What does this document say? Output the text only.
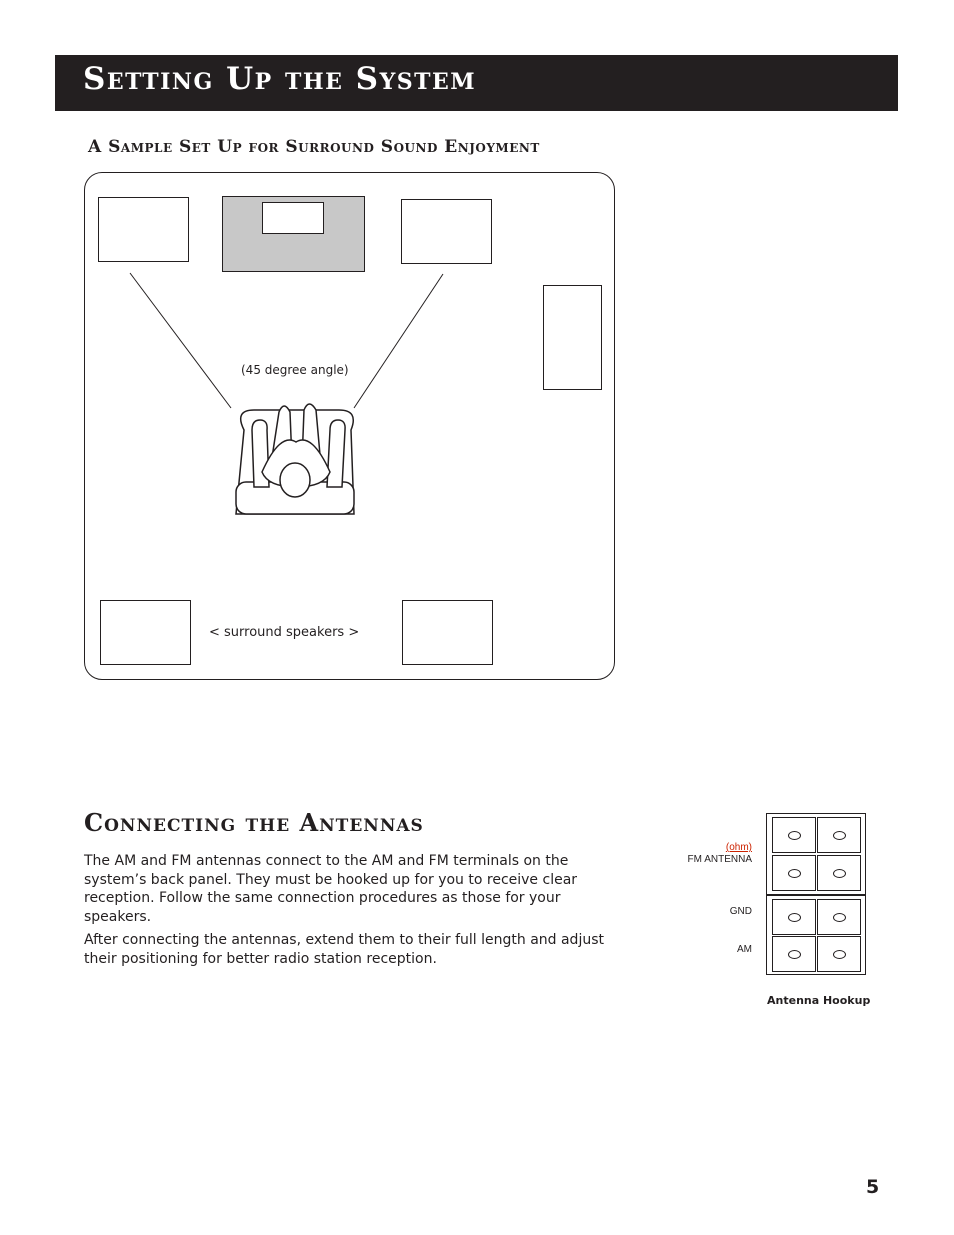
Setting Up the System
A Sample Set Up for Surround Sound Enjoyment
(45 degree angle)
< surround speakers >
Connecting the Antennas

The AM and FM antennas connect to the AM and FM terminals on the system’s back panel. They must be hooked up for you to receive clear reception. Follow the same connection procedures as those for your speakers.

After connecting the antennas, extend them to their full length and adjust their positioning for better radio station reception.

(ohm)
FM ANTENNA
GND
AM
Antenna Hookup
5
